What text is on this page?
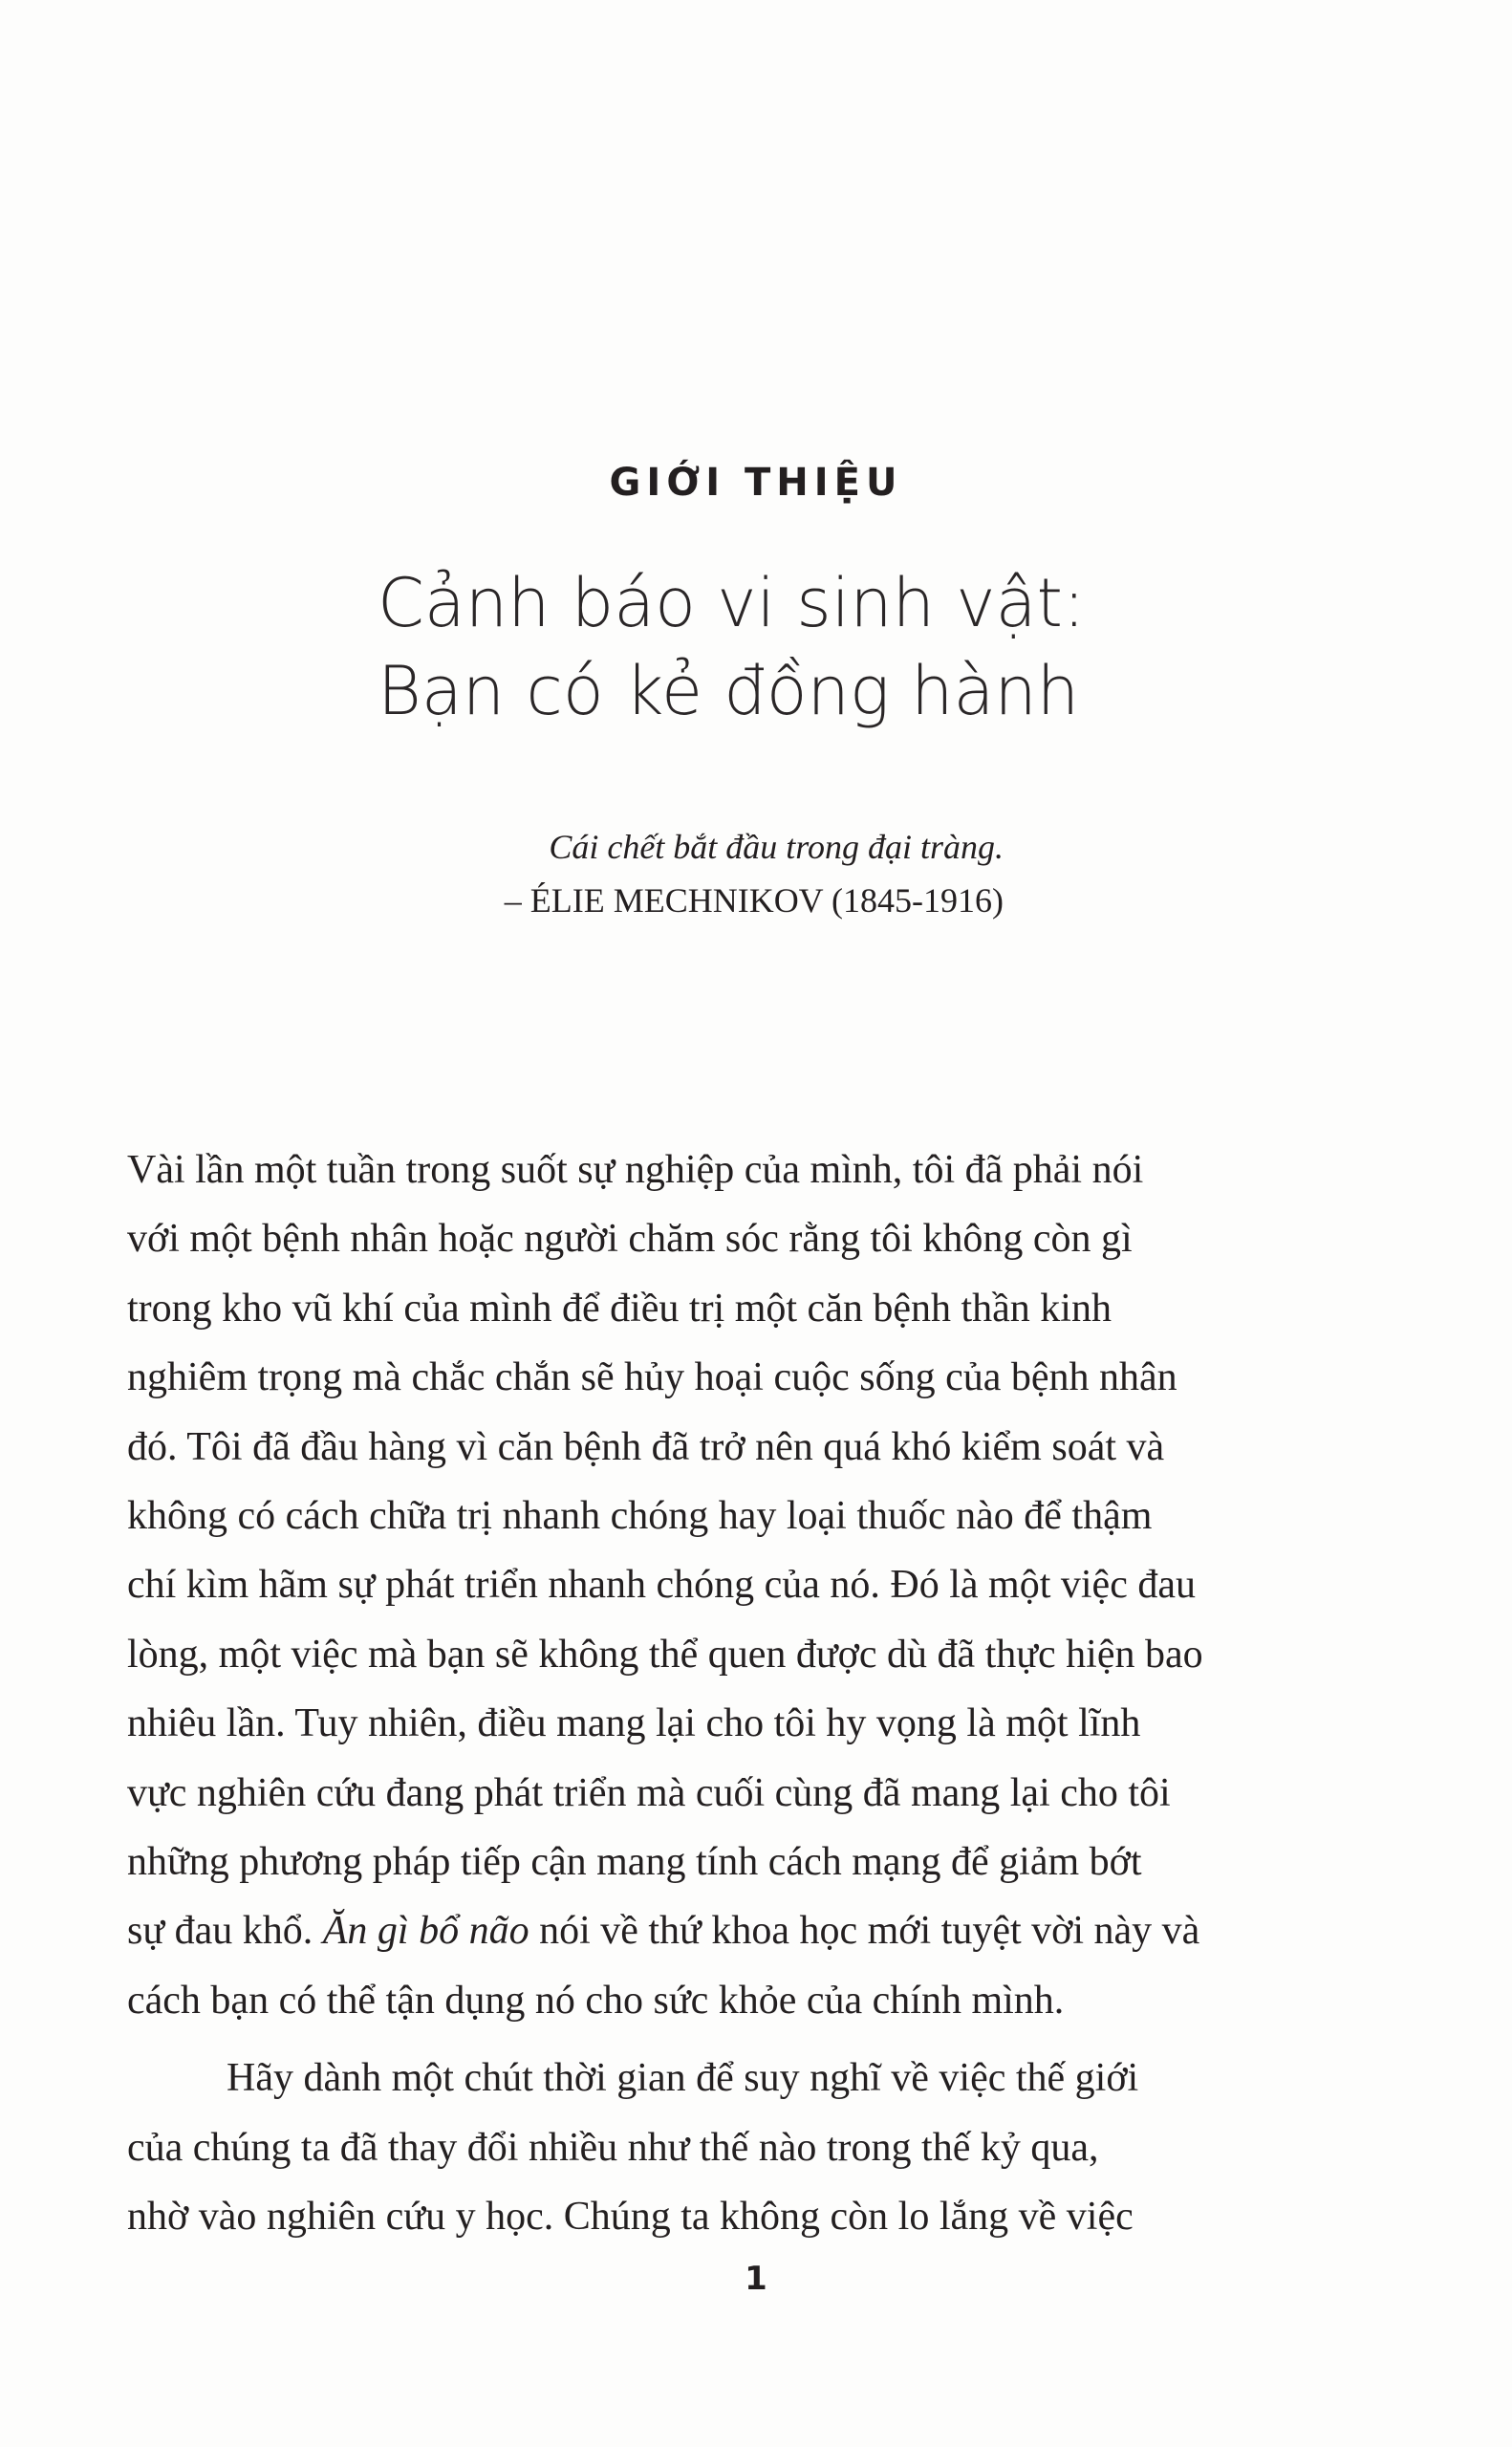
GIỚI THIỆU
Cảnh báo vi sinh vật:
Bạn có kẻ đồng hành
Cái chết bắt đầu trong đại tràng.
– ÉLIE MECHNIKOV (1845-1916)

Vài lần một tuần trong suốt sự nghiệp của mình, tôi đã phải nói
với một bệnh nhân hoặc người chăm sóc rằng tôi không còn gì
trong kho vũ khí của mình để điều trị một căn bệnh thần kinh
nghiêm trọng mà chắc chắn sẽ hủy hoại cuộc sống của bệnh nhân
đó. Tôi đã đầu hàng vì căn bệnh đã trở nên quá khó kiểm soát và
không có cách chữa trị nhanh chóng hay loại thuốc nào để thậm
chí kìm hãm sự phát triển nhanh chóng của nó. Đó là một việc đau
lòng, một việc mà bạn sẽ không thể quen được dù đã thực hiện bao
nhiêu lần. Tuy nhiên, điều mang lại cho tôi hy vọng là một lĩnh
vực nghiên cứu đang phát triển mà cuối cùng đã mang lại cho tôi
những phương pháp tiếp cận mang tính cách mạng để giảm bớt
sự đau khổ. Ăn gì bổ não nói về thứ khoa học mới tuyệt vời này và
cách bạn có thể tận dụng nó cho sức khỏe của chính mình.

Hãy dành một chút thời gian để suy nghĩ về việc thế giới
của chúng ta đã thay đổi nhiều như thế nào trong thế kỷ qua,
nhờ vào nghiên cứu y học. Chúng ta không còn lo lắng về việc

1
